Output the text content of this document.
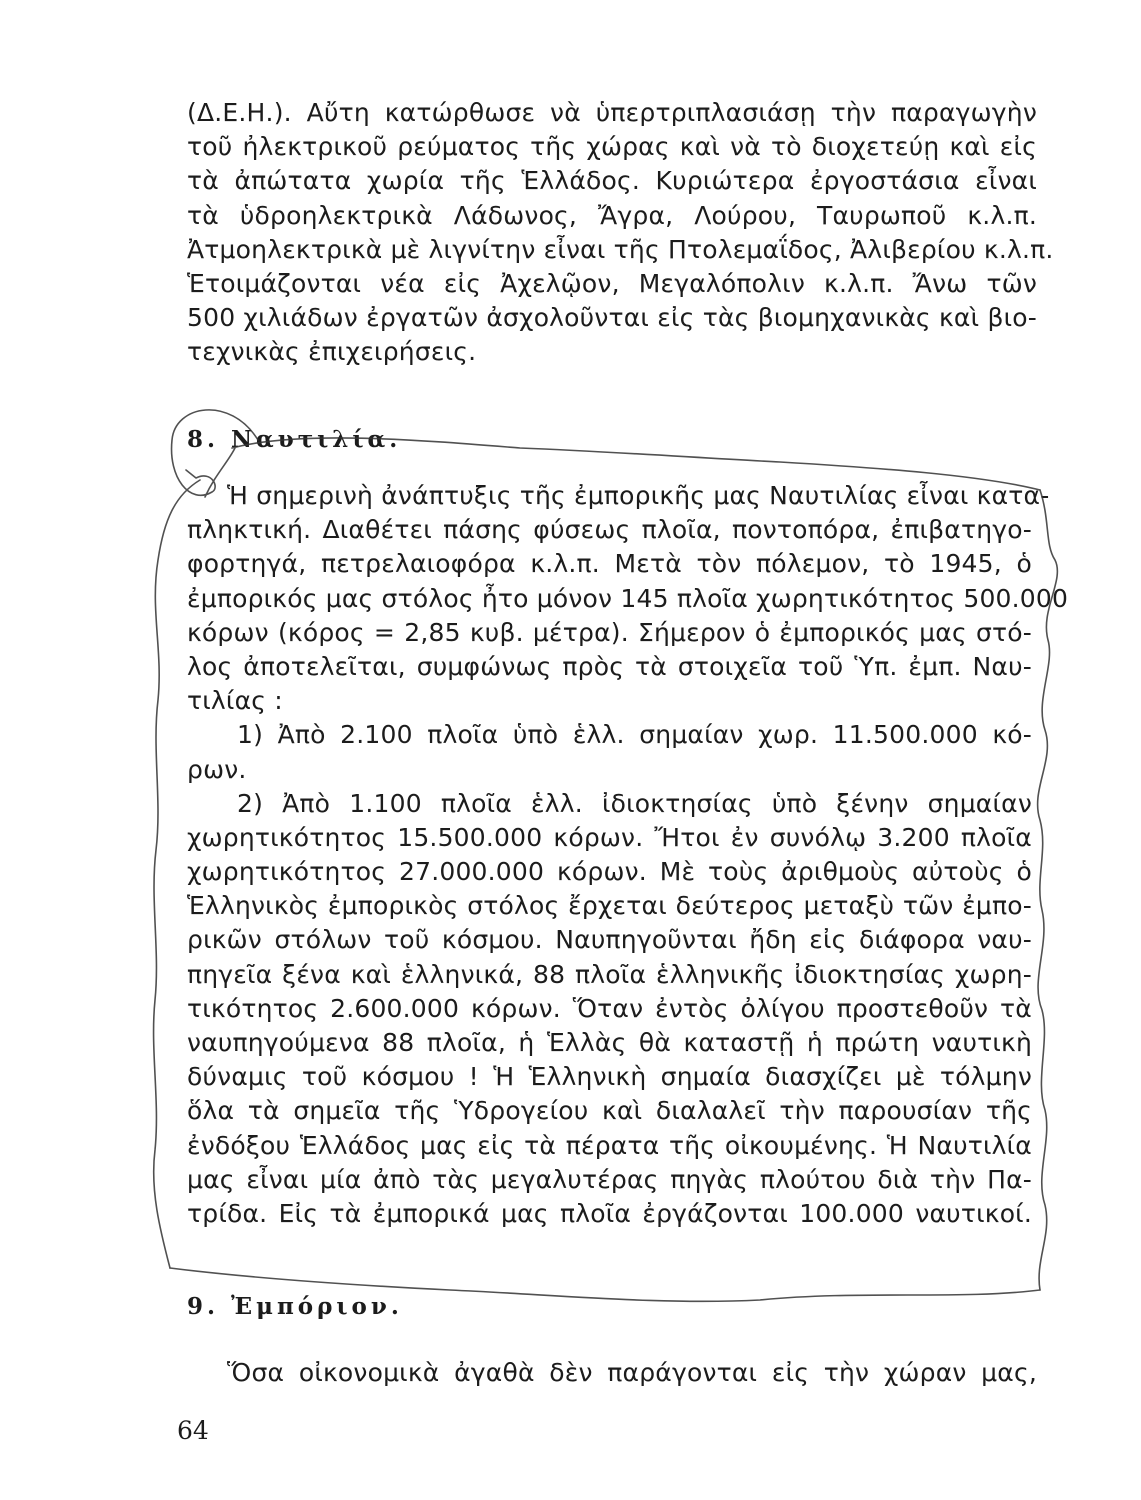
(Δ.Ε.Η.). Αὔτη κατώρθωσε νὰ ὑπερτριπλασιάσῃ τὴν παραγωγὴν
τοῦ ἠλεκτρικοῦ ρεύματος τῆς χώρας καὶ νὰ τὸ διοχετεύῃ καὶ εἰς
τὰ ἀπώτατα χωρία τῆς Ἑλλάδος. Κυριώτερα ἐργοστάσια εἶναι
τὰ ὑδροηλεκτρικὰ Λάδωνος, Ἄγρα, Λούρου, Ταυρωποῦ κ.λ.π.
Ἀτμοηλεκτρικὰ μὲ λιγνίτην εἶναι τῆς Πτολεμαΐδος, Ἀλιβερίου κ.λ.π.
Ἑτοιμάζονται νέα εἰς Ἀχελῷον, Μεγαλόπολιν κ.λ.π. Ἄνω τῶν
500 χιλιάδων ἐργατῶν ἀσχολοῦνται εἰς τὰς βιομηχανικὰς καὶ βιο-
τεχνικὰς ἐπιχειρήσεις.
8. Ναυτιλία.
Ἡ σημερινὴ ἀνάπτυξις τῆς ἐμπορικῆς μας Ναυτιλίας εἶναι κατα-
πληκτική. Διαθέτει πάσης φύσεως πλοῖα, ποντοπόρα, ἐπιβατηγο-
φορτηγά, πετρελαιοφόρα κ.λ.π. Μετὰ τὸν πόλεμον, τὸ 1945, ὁ
ἐμπορικός μας στόλος ἦτο μόνον 145 πλοῖα χωρητικότητος 500.000
κόρων (κόρος = 2,85 κυβ. μέτρα). Σήμερον ὁ ἐμπορικός μας στό-
λος ἀποτελεῖται, συμφώνως πρὸς τὰ στοιχεῖα τοῦ Ὑπ. ἐμπ. Ναυ-
τιλίας :
1) Ἀπὸ 2.100 πλοῖα ὑπὸ ἑλλ. σημαίαν χωρ. 11.500.000 κό-
ρων.
2) Ἀπὸ 1.100 πλοῖα ἑλλ. ἰδιοκτησίας ὑπὸ ξένην σημαίαν
χωρητικότητος 15.500.000 κόρων. Ἤτοι ἐν συνόλῳ 3.200 πλοῖα
χωρητικότητος 27.000.000 κόρων. Μὲ τοὺς ἀριθμοὺς αὐτοὺς ὁ
Ἑλληνικὸς ἐμπορικὸς στόλος ἔρχεται δεύτερος μεταξὺ τῶν ἐμπο-
ρικῶν στόλων τοῦ κόσμου. Ναυπηγοῦνται ἤδη εἰς διάφορα ναυ-
πηγεῖα ξένα καὶ ἑλληνικά, 88 πλοῖα ἑλληνικῆς ἰδιοκτησίας χωρη-
τικότητος 2.600.000 κόρων. Ὅταν ἐντὸς ὀλίγου προστεθοῦν τὰ
ναυπηγούμενα 88 πλοῖα, ἡ Ἑλλὰς θὰ καταστῇ ἡ πρώτη ναυτικὴ
δύναμις τοῦ κόσμου ! Ἡ Ἑλληνικὴ σημαία διασχίζει μὲ τόλμην
ὅλα τὰ σημεῖα τῆς Ὑδρογείου καὶ διαλαλεῖ τὴν παρουσίαν τῆς
ἐνδόξου Ἑλλάδος μας εἰς τὰ πέρατα τῆς οἰκουμένης. Ἡ Ναυτιλία
μας εἶναι μία ἀπὸ τὰς μεγαλυτέρας πηγὰς πλούτου διὰ τὴν Πα-
τρίδα. Εἰς τὰ ἐμπορικά μας πλοῖα ἐργάζονται 100.000 ναυτικοί.
9. Ἐμπόριον.
Ὅσα οἰκονομικὰ ἀγαθὰ δὲν παράγονται εἰς τὴν χώραν μας,
64
